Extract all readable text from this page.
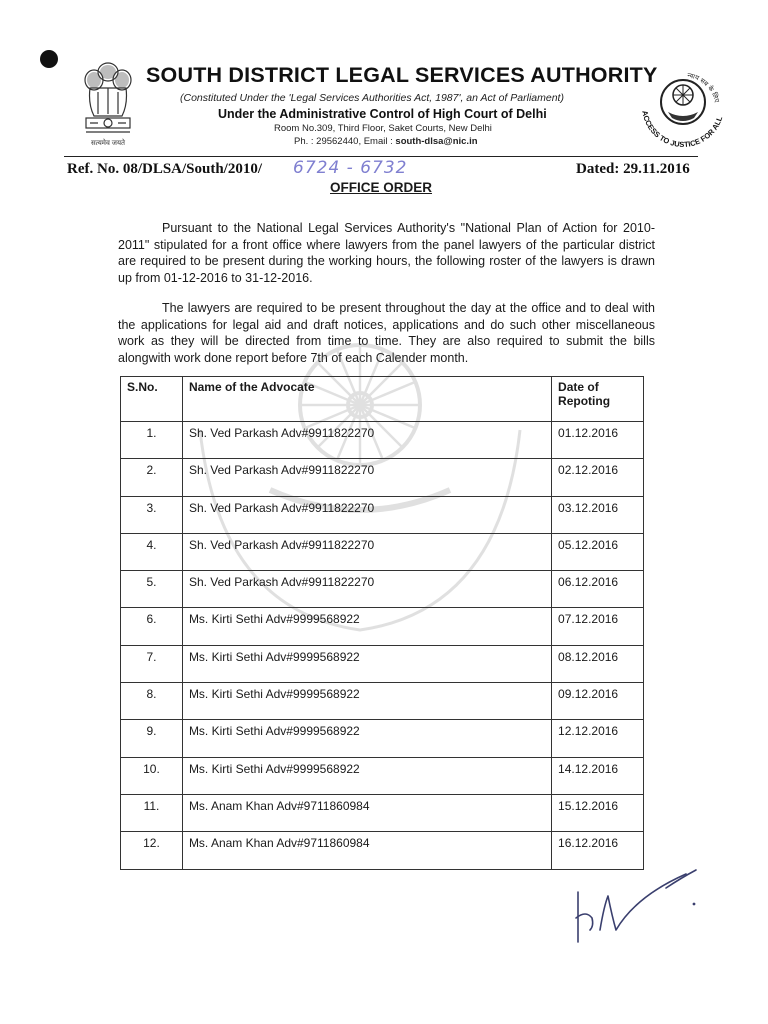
सत्यमेव जयते
SOUTH DISTRICT LEGAL SERVICES AUTHORITY
(Constituted Under the 'Legal Services Authorities Act, 1987', an Act of Parliament)
Under the Administrative Control of High Court of Delhi
Room No.309, Third Floor, Saket Courts, New Delhi
Ph. : 29562440, Email : south-dlsa@nic.in
न्याय सब के लिए
ACCESS TO JUSTICE FOR ALL
Ref. No. 08/DLSA/South/2010/ 6724 - 6732	Dated: 29.11.2016
OFFICE ORDER
Pursuant to the National Legal Services Authority's "National Plan of Action for 2010-2011" stipulated for a front office where lawyers from the panel lawyers of the particular district are required to be present during the working hours, the following roster of the lawyers is drawn up from 01-12-2016 to 31-12-2016.
The lawyers are required to be present throughout the day at the office and to deal with the applications for legal aid and draft notices, applications and do such other miscellaneous work as they will be directed from time to time. They are also required to submit the bills alongwith work done report before 7th of each Calender month.
S.No.	Name of the Advocate	Date of Repoting
1.	Sh. Ved Parkash Adv#9911822270	01.12.2016
2.	Sh. Ved Parkash Adv#9911822270	02.12.2016
3.	Sh. Ved Parkash Adv#9911822270	03.12.2016
4.	Sh. Ved Parkash Adv#9911822270	05.12.2016
5.	Sh. Ved Parkash Adv#9911822270	06.12.2016
6.	Ms. Kirti Sethi Adv#9999568922	07.12.2016
7.	Ms. Kirti Sethi Adv#9999568922	08.12.2016
8.	Ms. Kirti Sethi Adv#9999568922	09.12.2016
9.	Ms. Kirti Sethi Adv#9999568922	12.12.2016
10.	Ms. Kirti Sethi Adv#9999568922	14.12.2016
11.	Ms. Anam Khan Adv#9711860984	15.12.2016
12.	Ms. Anam Khan Adv#9711860984	16.12.2016
